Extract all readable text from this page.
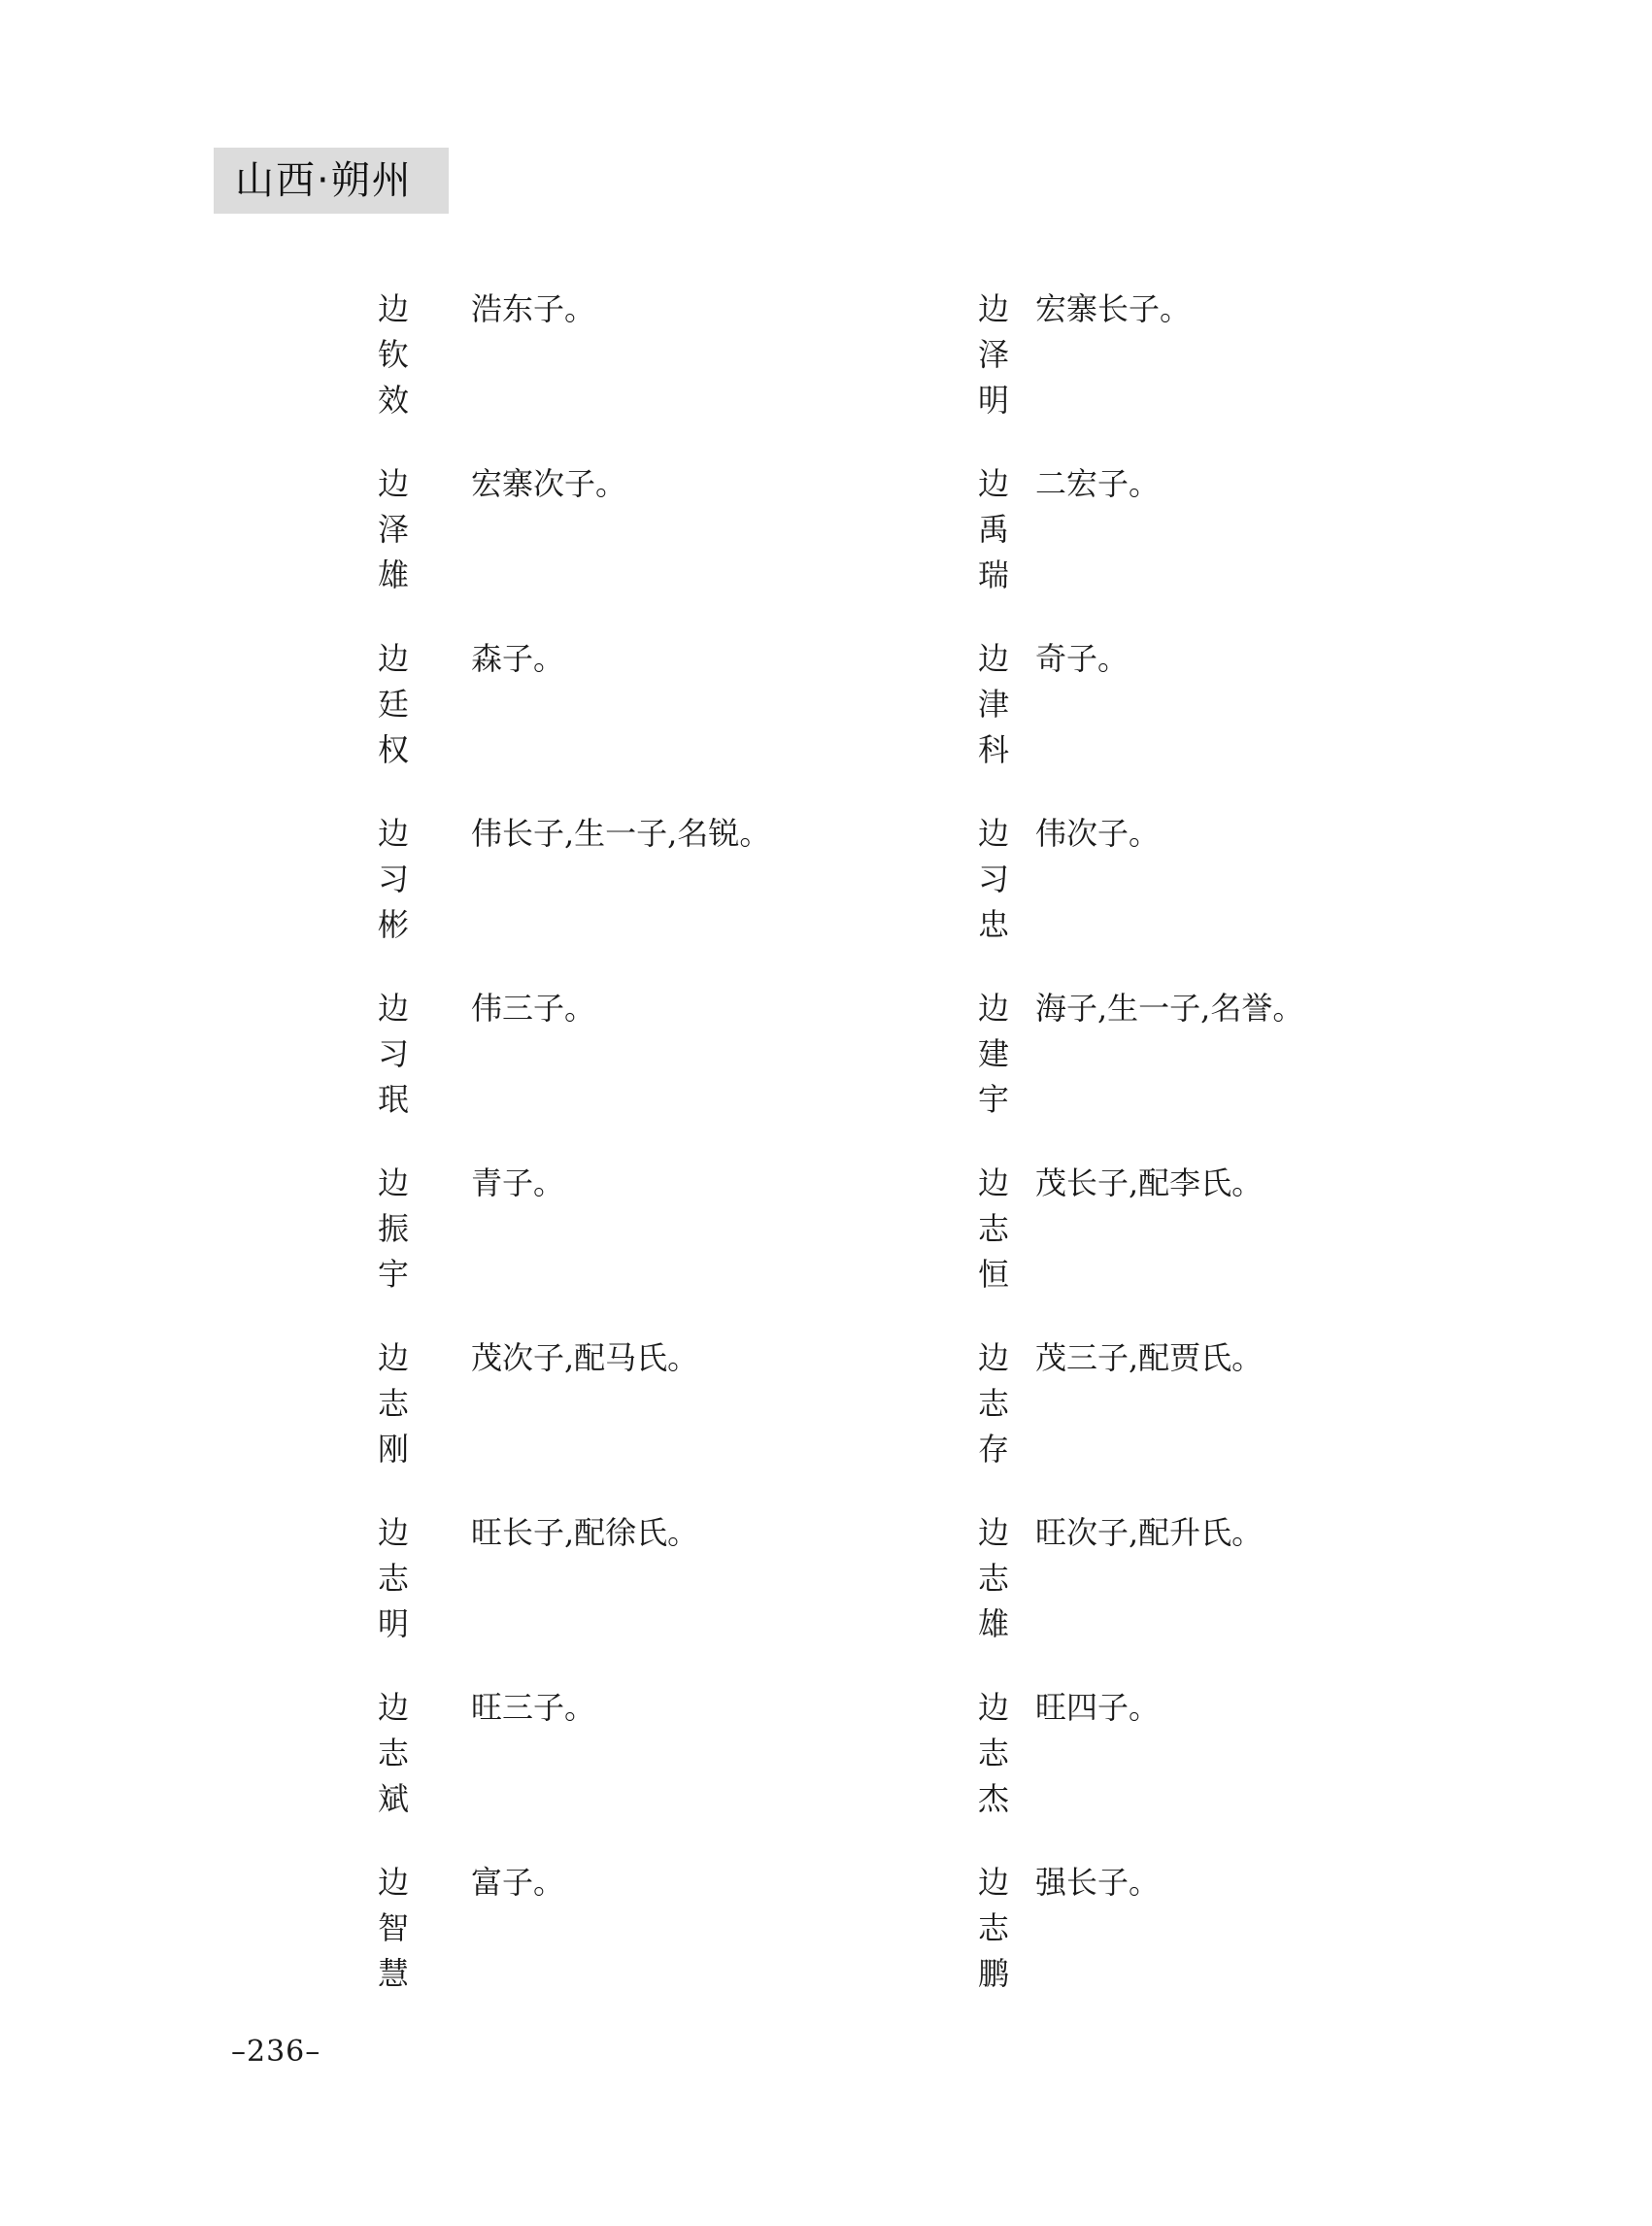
山西·朔州
边
钦
效
浩东子。
边
泽
雄
宏寨次子。
边
廷
权
森子。
边
习
彬
伟长子,生一子,名锐。
边
习
珉
伟三子。
边
振
宇
青子。
边
志
刚
茂次子,配马氏。
边
志
明
旺长子,配徐氏。
边
志
斌
旺三子。
边
智
慧
富子。
边
泽
明
宏寨长子。
边
禹
瑞
二宏子。
边
津
科
奇子。
边
习
忠
伟次子。
边
建
宇
海子,生一子,名誉。
边
志
恒
茂长子,配李氏。
边
志
存
茂三子,配贾氏。
边
志
雄
旺次子,配升氏。
边
志
杰
旺四子。
边
志
鹏
强长子。
–236–
